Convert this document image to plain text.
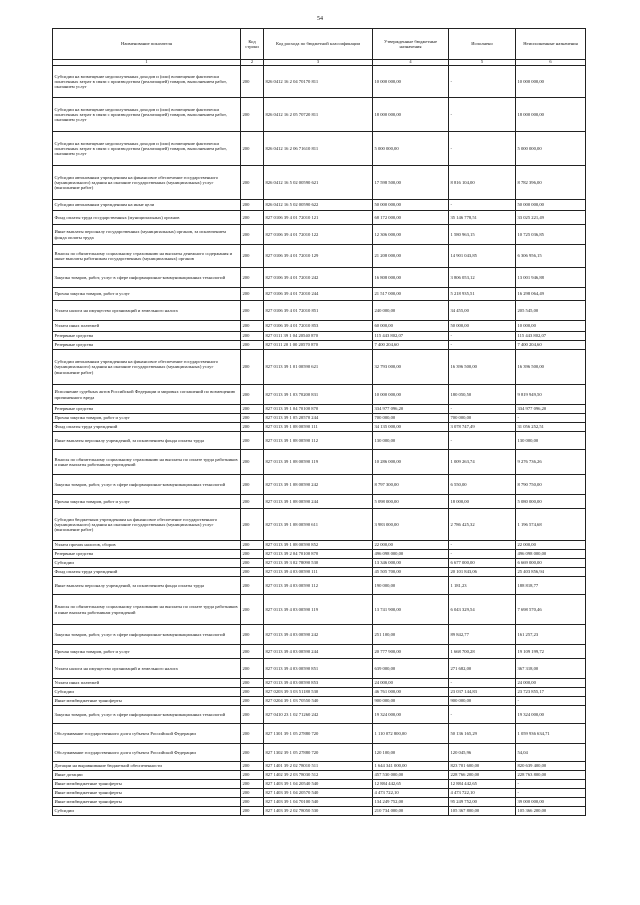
54
Наименование показателя	Код строки	Код расхода по бюджетной классификации	Утвержденные бюджетные назначения	Исполнено	Неисполненные назначения
1	2	3	4	5	6
Субсидии на возмещение недополученных доходов и (или) возмещение фактически понесенных затрат в связи с производством (реализацией) товаров, выполнением работ, оказанием услуг	200	826 0412 16 2 04 70170 811	10 000 000,00	-	10 000 000,00
Субсидии на возмещение недополученных доходов и (или) возмещение фактически понесенных затрат в связи с производством (реализацией) товаров, выполнением работ, оказанием услуг	200	826 0412 16 2 05 70720 811	18 000 000,00	-	18 000 000,00
Субсидии на возмещение недополученных доходов и (или) возмещение фактически понесенных затрат в связи с производством (реализацией) товаров, выполнением работ, оказанием услуг	200	826 0412 16 2 06 71610 811	5 000 000,00	-	5 000 000,00
Субсидии автономным учреждениям на финансовое обеспечение государственного (муниципального) задания на оказание государственных (муниципальных) услуг (выполнение работ)	200	826 0412 16 5 02 00590 621	17 598 500,00	8 816 104,00	8 782 396,00
Субсидии автономным учреждениям на иные цели	200	826 0412 16 5 02 00590 622	50 000 000,00	-	50 000 000,00
Фонд оплаты труда государственных (муниципальных) органов	200	827 0106 39 4 01 72010 121	68 172 000,00	35 146 778,51	33 025 221,49
Иные выплаты персоналу государственных (муниципальных) органов, за исключением фонда оплаты труда	200	827 0106 39 4 01 72010 122	12 306 000,00	1 580 963,15	10 725 036,85
Взносы по обязательному социальному страхованию на выплаты денежного содержания и иные выплаты работникам государственных (муниципальных) органов	200	827 0106 39 4 01 72010 129	21 208 000,00	14 901 043,85	6 306 956,15
Закупка товаров, работ, услуг в сфере информационно-коммуникационных технологий	200	827 0106 39 4 01 72010 242	16 808 000,00	3 806 053,12	13 001 946,88
Прочая закупка товаров, работ и услуг	200	827 0106 39 4 01 72010 244	21 517 000,00	5 218 935,51	16 298 064,49
Уплата налога на имущество организаций и земельного налога	200	827 0106 39 4 01 72010 851	240 000,00	34 455,00	205 545,00
Уплата иных платежей	200	827 0106 39 4 01 72010 853	60 000,00	50 000,00	10 000,00
Резервные средства	200	827 0111 39 1 04 20540 870	115 443 802,07	-	115 443 802,07
Резервные средства	200	827 0111 20 1 00 20570 870	7 400 204,60	-	7 400 204,60
Субсидии автономным учреждениям на финансовое обеспечение государственного (муниципального) задания на оказание государственных (муниципальных) услуг (выполнение работ)	200	827 0113 39 1 01 00590 621	32 793 000,00	16 396 500,00	16 396 500,00
Исполнение судебных актов Российской Федерации и мировых соглашений по возмещению причиненного вреда	200	827 0113 39 1 03 70200 831	10 000 000,00	180 050,50	9 819 949,50
Резервные средства	200	827 0113 39 1 04 70100 870	334 977 096,20	-	334 977 096,20
Прочая закупка товаров, работ и услуг	200	827 0113 39 1 05 20570 244	700 000,00	700 000,00	-
Фонд оплаты труда учреждений	200	827 0113 39 1 08 00590 111	34 135 000,00	3 078 747,49	31 056 252,51
Иные выплаты персоналу учреждений, за исключением фонда оплаты труда	200	827 0113 39 1 08 00590 112	130 000,00	-	130 000,00
Взносы по обязательному социальному страхованию на выплаты по оплате труда работников и иные выплаты работникам учреждений	200	827 0113 39 1 08 00590 119	10 286 000,00	1 009 263,74	9 276 736,26
Закупка товаров, работ, услуг в сфере информационно-коммуникационных технологий	200	827 0113 39 1 08 00590 242	8 797 300,00	6 550,00	8 790 750,00
Прочая закупка товаров, работ и услуг	200	827 0113 39 1 08 00590 244	5 098 000,00	18 000,00	5 080 000,00
Субсидии бюджетным учреждениям на финансовое обеспечение государственного (муниципального) задания на оказание государственных (муниципальных) услуг (выполнение работ)	200	827 0113 39 1 08 00590 611	3 983 000,00	2 786 425,32	1 196 574,68
Уплата прочих налогов, сборов	200	827 0113 39 1 08 00590 852	22 000,00	-	22 000,00
Резервные средства	200	827 0113 39 2 04 70100 870	496 098 000,00	-	496 098 000,00
Субсидии	200	827 0113 39 3 02 78090 530	13 346 000,00	6 677 000,00	6 669 000,00
Фонд оплаты труда учреждений	200	827 0113 39 4 03 00590 111	45 505 700,00	20 101 843,06	25 403 856,94
Иные выплаты персоналу учреждений, за исключением фонда оплаты труда	200	827 0113 39 4 03 00590 112	190 000,00	1 181,23	188 818,77
Взносы по обязательному социальному страхованию на выплаты по оплате труда работников и иные выплаты работникам учреждений	200	827 0113 39 4 03 00590 119	13 741 900,00	6 043 329,54	7 698 570,46
Закупка товаров, работ, услуг в сфере информационно-коммуникационных технологий	200	827 0113 39 4 03 00590 242	251 100,00	89 842,77	161 257,23
Прочая закупка товаров, работ и услуг	200	827 0113 39 4 03 00590 244	20 777 900,00	1 668 700,28	19 109 199,72
Уплата налога на имущество организаций и земельного налога	200	827 0113 39 4 03 00590 851	639 000,00	271 682,00	367 318,00
Уплата иных платежей	200	827 0113 39 4 03 00590 853	24 000,00	-	24 000,00
Субсидии	200	827 0203 39 3 03 51180 530	46 761 000,00	23 037 144,83	23 723 855,17
Иные межбюджетные трансферты	200	827 0204 39 1 03 70550 540	900 000,00	900 000,00	-
Закупка товаров, работ, услуг в сфере информационно-коммуникационных технологий	200	827 0410 23 1 02 71260 242	19 324 000,00	-	19 324 000,00
Обслуживание государственного долга субъекта Российской Федерации	200	827 1301 39 1 05 27880 720	1 110 072 800,00	50 136 165,29	1 059 936 634,71
Обслуживание государственного долга субъекта Российской Федерации	200	827 1302 39 1 05 27880 720	120 100,00	120 045,96	54,04
Дотации на выравнивание бюджетной обеспеченности	200	827 1401 39 2 02 78010 511	1 644 341 000,00	823 701 600,00	820 639 400,00
Иные дотации	200	827 1402 39 2 03 78030 512	457 530 000,00	228 766 200,00	228 763 800,00
Иные межбюджетные трансферты	200	827 1403 39 1 04 20540 540	12 884 442,65	12 884 442,65	-
Иные межбюджетные трансферты	200	827 1403 39 1 04 20570 540	4 473 722,10	4 473 722,10	-
Иные межбюджетные трансферты	200	827 1403 39 1 04 70100 540	134 249 752,00	95 249 752,00	39 000 000,00
Субсидии	200	827 1403 39 2 02 78050 530	210 734 000,00	105 367 800,00	105 366 200,00
